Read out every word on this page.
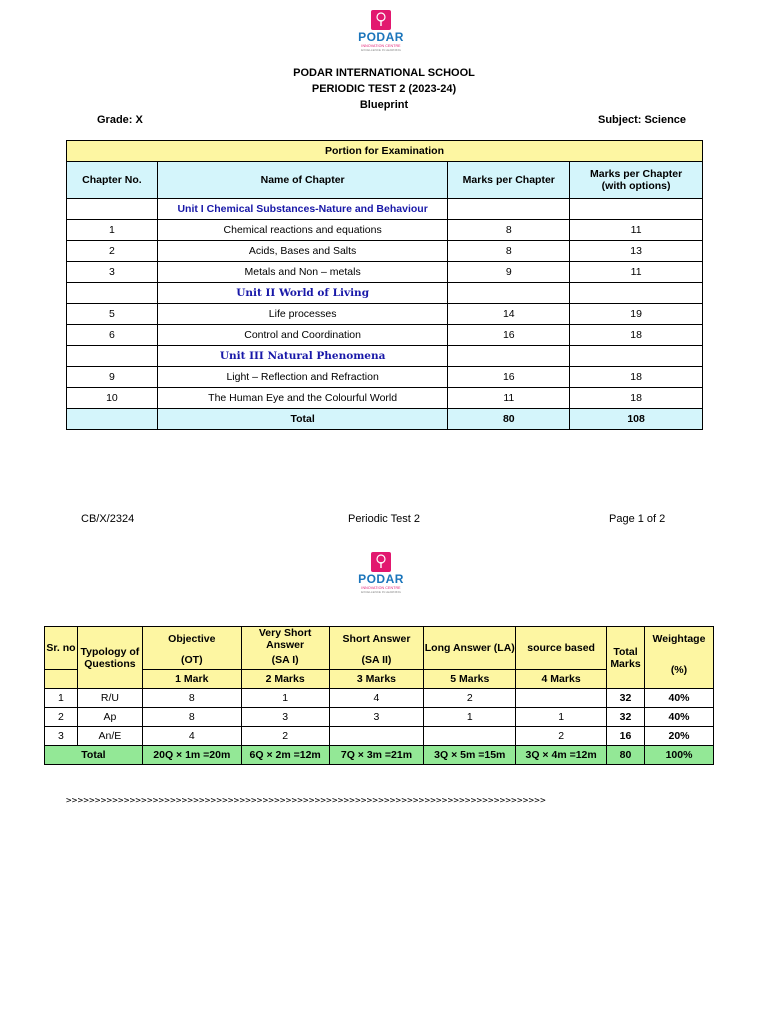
PODAR
INNOVATION CENTRE
EXCELLENCE IN LEARNING
PODAR INTERNATIONAL SCHOOL
PERIODIC TEST 2 (2023-24)
Blueprint
Grade: X	Subject: Science
Portion for Examination			
Chapter No.	Name of Chapter	Marks per Chapter	Marks per Chapter
(with options)
	Unit I Chemical Substances-Nature and Behaviour		
1	Chemical reactions and equations	8	11
2	Acids, Bases and Salts	8	13
3	Metals and Non – metals	9	11
	Unit II World of Living		
5	Life processes	14	19
6	Control and Coordination	16	18
	Unit III Natural Phenomena		
9	Light – Reflection and Refraction	16	18
10	The Human Eye and the Colourful World	11	18
	Total	80	108
CB/X/2324	Periodic Test 2	Page 1 of 2
PODAR
INNOVATION CENTRE
EXCELLENCE IN LEARNING
Sr. no	Typology of Questions	Objective	Very Short Answer	Short Answer	Long Answer (LA)	source based	Total Marks	Weightage
		(OT)	(SA I)	(SA II)				(%)
		1 Mark	2 Marks	3 Marks	5 Marks	4 Marks		
1	R/U	8	1	4	2		32	40%
2	Ap	8	3	3	1	1	32	40%
3	An/E	4	2			2	16	20%
Total		20Q × 1m =20m	6Q × 2m =12m	7Q × 3m =21m	3Q × 5m =15m	3Q × 4m =12m	80	100%
>>>>>>>>>>>>>>>>>>>>>>>>>>>>>>>>>>>>>>>>>>>>>>>>>>>>>>>>>>>>>>>>>>>>>>>>>>>>>>>>>>>
